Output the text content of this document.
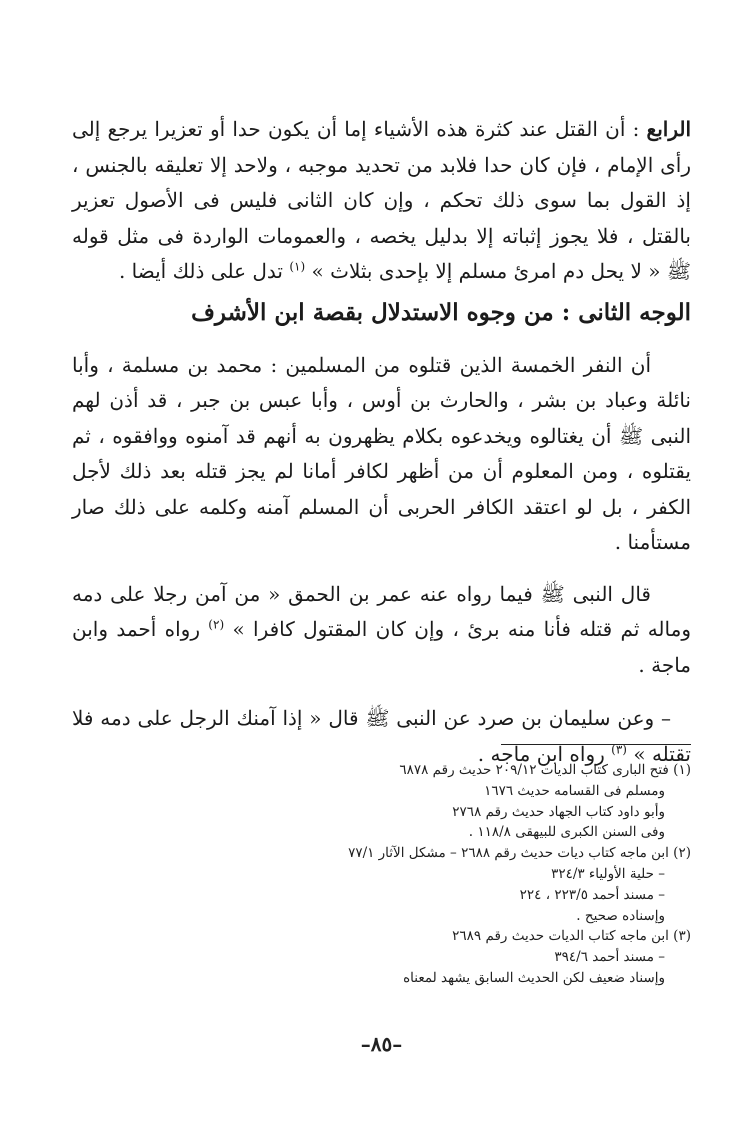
الرابع : أن القتل عند كثرة هذه الأشياء إما أن يكون حدا أو تعزيرا يرجع إلى رأى الإمام ، فإن كان حدا فلابد من تحديد موجبه ، ولاحد إلا تعليقه بالجنس ، إذ القول بما سوى ذلك تحكم ، وإن كان الثانى فليس فى الأصول تعزير بالقتل ، فلا يجوز إثباته إلا بدليل يخصه ، والعمومات الواردة فى مثل قوله ﷺ « لا يحل دم امرئ مسلم إلا بإحدى بثلاث » $^{(١)}$ تدل على ذلك أيضا .

الوجه الثانى : من وجوه الاستدلال بقصة ابن الأشرف

أن النفر الخمسة الذين قتلوه من المسلمين : محمد بن مسلمة ، وأبا نائلة وعباد بن بشر ، والحارث بن أوس ، وأبا عبس بن جبر ، قد أذن لهم النبى ﷺ أن يغتالوه ويخدعوه بكلام يظهرون به أنهم قد آمنوه ووافقوه ، ثم يقتلوه ، ومن المعلوم أن من أظهر لكافر أمانا لم يجز قتله بعد ذلك لأجل الكفر ، بل لو اعتقد الكافر الحربى أن المسلم آمنه وكلمه على ذلك صار مستأمنا .

قال النبى ﷺ فيما رواه عنه عمر بن الحمق « من آمن رجلا على دمه وماله ثم قتله فأنا منه برئ ، وإن كان المقتول كافرا » $^{(٢)}$ رواه أحمد وابن ماجة .

– وعن سليمان بن صرد عن النبى ﷺ قال « إذا آمنك الرجل على دمه فلا تقتله » $^{(٣)}$ رواه ابن ماجه .

(١) فتح البارى كتاب الديات ٢٠٩/١٢ حديث رقم ٦٨٧٨

ومسلم فى القسامه حديث ١٦٧٦

وأبو داود كتاب الجهاد حديث رقم ٢٧٦٨

وفى السنن الكبرى للبيهقى ١١٨/٨ .

(٢) ابن ماجه كتاب ديات حديث رقم ٢٦٨٨ – مشكل الآثار ٧٧/١

– حلية الأولياء ٣٢٤/٣

– مسند أحمد ٢٢٣/٥ ، ٢٢٤

وإسناده صحيح .

(٣) ابن ماجه كتاب الديات حديث رقم ٢٦٨٩

– مسند أحمد ٣٩٤/٦

وإسناد ضعيف لكن الحديث السابق يشهد لمعناه

–٨٥–
